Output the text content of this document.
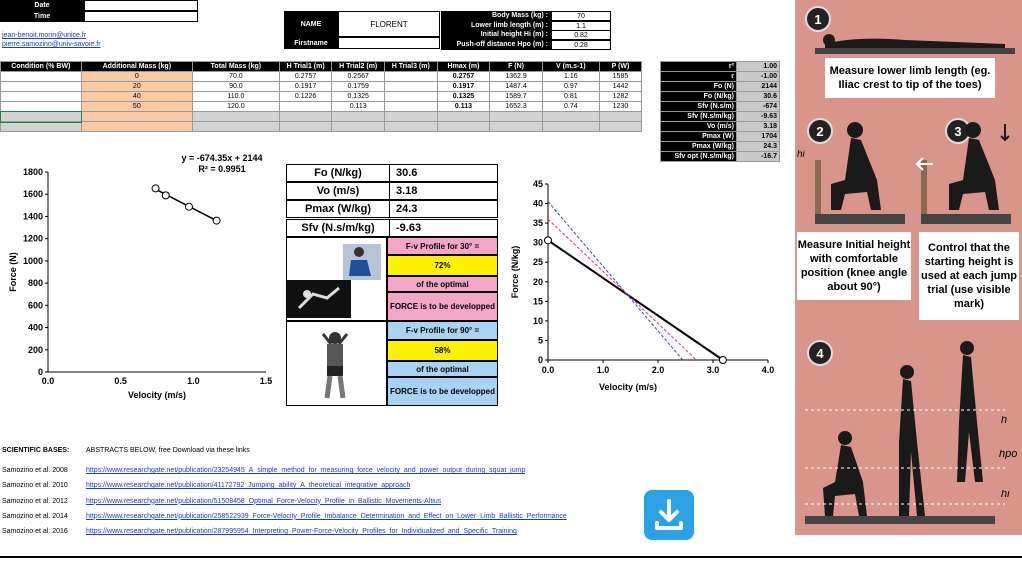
Date
Time
jean-benoit.morin@unice.fr
pierre.samozino@univ-savoie.fr
NAME	FLORENT
Firstname
Body Mass (kg) :	70
Lower limb length (m) :	1.1
Initial height Hi (m) :	0.82
Push-off distance Hpo (m) :	0.28
Condition (% BW)	Additional Mass (kg)	Total Mass (kg)	H Trial1 (m)	H Trial2 (m)	H Trial3 (m)	Hmax (m)	F (N)	V (m.s-1)	P (W)
	0	70.0	0.2757	0.2567		0.2757	1362.9	1.16	1585
	20	90.0	0.1917	0.1759		0.1917	1487.4	0.97	1442
	40	110.0	0.1226	0.1325		0.1325	1589.7	0.81	1282
	50	120.0		0.113		0.113	1652.3	0.74	1230

r²	1.00
r	-1.00
Fo (N)	2144
Fo (N/kg)	30.6
Sfv (N.s/m)	-674
Sfv (N.s/m/kg)	-9.63
Vo (m/s)	3.18
Pmax (W)	1704
Pmax (W/kg)	24.3
Sfv opt (N.s/m/kg)	-16.7
0
200
400
600
800
1000
1200
1400
1600
1800
0.0	0.5	1.0	1.5
Velocity (m/s)
Force (N)
y = -674.35x + 2144
R² = 0.9951	Fo (N/kg)	30.6
Vo (m/s)	3.18
Pmax (W/kg)	24.3
Sfv (N.s/m/kg)	-9.63
F-v Profile for 30° =
72%
of the optimal
FORCE is to be developped
F-v Profile for 90° =
58%
of the optimal
FORCE is to be developped
0
5
10
15
20
25
30
35
40
45
0.0	1.0	2.0	3.0	4.0
Velocity (m/s)
Force (N/kg)
SCIENTIFIC BASES: ABSTRACTS BELOW, free Download via these links
Samozino et al. 2008	https://www.researchgate.net/publication/23254945_A_simple_method_for_measuring_force_velocity_and_power_output_during_squat_jump
Samozino et al. 2010	https://www.researchgate.net/publication/41172792_Jumping_ability_A_theoretical_integrative_approach
Samozino et al. 2012	https://www.researchgate.net/publication/51508458_Optimal_Force-Velocity_Profile_in_Ballistic_Movements-Altius
Samozino et al. 2014	https://www.researchgate.net/publication/258522939_Force-Velocity_Profile_Imbalance_Determination_and_Effect_on_Lower_Limb_Ballistic_Performance
Samozino et al. 2016	https://www.researchgate.net/publication/287995954_Interpreting_Power-Force-Velocity_Profiles_for_Individualized_and_Specific_Training
1
Measure lower limb length (eg. Iliac crest to tip of the toes)
2	3
hi
Measure Initial height with comfortable position (knee angle about 90°)
Control that the starting height is used at each jump trial (use visible mark)
4
h
hpo
hi
